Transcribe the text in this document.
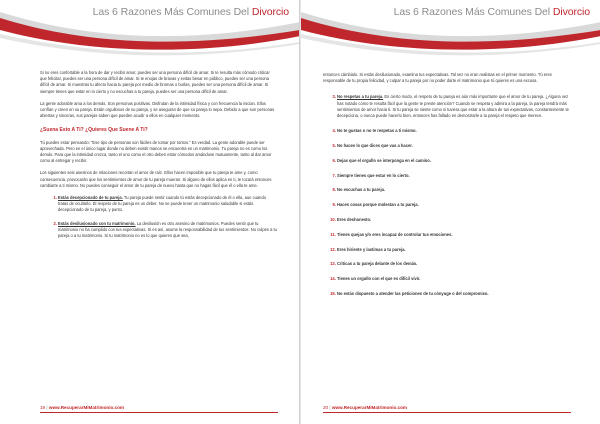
Las 6 Razones Más Comunes Del Divorcio

Si no eres confortable a la hora de dar y recibir amor, puedes ser una persona difícil de amar. Si te resulta más cómodo criticar que felicitar, puedes ser una persona difícil de amar. Si te enojas de bravas y evitas besar en público, puedes ser una persona difícil de amar. Si muestras tu afecto hacia tu pareja por medio de bromas o burlas, puedes ser una persona difícil de amar. Si siempre tienes que estar en lo cierto y no escuchas a tu pareja, puedes ser una persona difícil de amar.

La gente adorable ama a los demás. Son personas positivas. Disfrutan de la intimidad física y con frecuencia la inician. Ellos confían y creen en su pareja. Están orgullosos de su pareja, y se aseguran de que su pareja lo sepa. Debido a que son personas abiertas y sinceras, sus parejas saben que pueden acudir a ellos en cualquier momento.

¿Suena Esto A Ti? ¿Quieres Que Suene A Ti?

Tú puedes estar pensando: "Ese tipo de personas son fáciles de tomar por tontos." Es verdad. La gente adorable puede ser aprovechada. Pero en el único lugar donde no deben existir manos se encuentra en un matrimonio. Tu pareja no es como los demás. Para que la intimidad crezca, tanto el uno como el otro deben estar cómodos amándose mutuamente, tanto al dar amor como al entregar y recibir.

Los siguientes seis asesinos de relaciones recortan el amor de raíz. Ellos hacen imposible que tu pareja te ame y, como consecuencia, provocarán que los sentimientos de amor de tu pareja mueran. Si alguno de ellos aplica en ti, te tocará entonces cambiarte a ti mismo. No puedes conseguir el amor de tu pareja de nuevo hasta que no hagas fácil que él o ella te ame.

1. Estás decepcionado de tu pareja. Tu pareja puede sentir cuando tú estás decepcionado de él o ella, aun cuando tratas de ocultarlo. El respeto de tu pareja es un deber. No se puede tener un matrimonio saludable si estás decepcionado de tu pareja, y punto.
2. Estás desilusionado con tu matrimonio. La desilusión es otro asesino de matrimonios. Puedes sentir que tu matrimonio no ha cumplido con tus expectativas. Si es así, asume la responsabilidad de tus sentimientos. No culpes a tu pareja o a tu matrimonio. Si tu matrimonio no es lo que quieres que sea,
19 | www.RecuperarMiMatrimonio.com
Las 6 Razones Más Comunes Del Divorcio

entonces cámbialo. Si estás desilusionado, examina tus expectativas. Tal vez no eran realistas en el primer momento. Tú eres responsable de tu propia felicidad, y culpar a tu pareja por no poder darte el matrimonio que tú quieres es una excusa.

3. No respetas a tu pareja. En cierto modo, el respeto de tu pareja es aún más importante que el amor de tu pareja. ¿Alguna vez has notado cómo te resulta fácil que la gente te preste atención? Cuando se respeta y admira a la pareja, la pareja tendrá más sentimientos de amor hacia ti. Si tu pareja se siente como si tuviera que estar a la altura de tus expectativas, constantemente te decepciona, o nunca puede hacerlo bien, entonces has fallado en demostrarle a tu pareja el respeto que merece.
4. No te gustas o no te respetas a ti mismo.
5. No haces lo que dices que vas a hacer.
6. Dejas que el orgullo se interponga en el camino.
7. Siempre tienes que estar en lo cierto.
8. No escuchas a tu pareja.
9. Haces cosas porque molestan a tu pareja.
10. Eres deshonesto.
11. Tienes quejas y/o eres incapaz de controlar tus emociones.
12. Eres hiriente y lastimas a tu pareja.
13. Criticas a tu pareja delante de los demás.
14. Tienes un orgullo con el que es difícil vivir.
15. No estás dispuesto a atender las peticiones de tu cónyuge o del compromiso.
20 | www.RecuperarMiMatrimonio.com
